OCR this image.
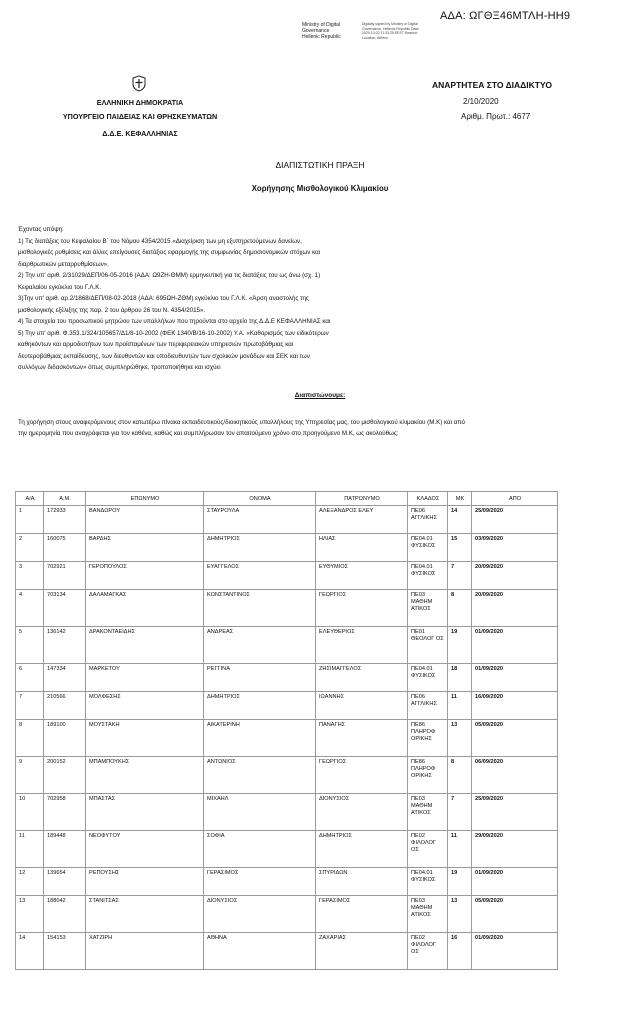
ΑΔΑ: ΩΓΘΞ46ΜΤΛΗ-ΗΗ9
Ministry of Digital
Governance
Hellenic Republic
Digitally signed by Ministry of Digital Governance, Hellenic Republic Date: 2020.10.02 11:33:25 EEST Reason: Location: Athens
ΕΛΛΗΝΙΚΗ ΔΗΜΟΚΡΑΤΙΑ
ΥΠΟΥΡΓΕΙΟ ΠΑΙΔΕΙΑΣ ΚΑΙ ΘΡΗΣΚΕΥΜΑΤΩΝ
Δ.Δ.Ε. ΚΕΦΑΛΛΗΝΙΑΣ
ΑΝΑΡΤΗΤΕΑ ΣΤΟ ΔΙΑΔΙΚΤΥΟ
2/10/2020
Αριθμ. Πρωτ.: 4677
ΔΙΑΠΙΣΤΩΤΙΚΗ ΠΡΑΞΗ
Χορήγησης Μισθολογικού Κλιμακίου

Έχοντας υπόψη:

1) Τις διατάξεις του Κεφαλαίου Β΄ του Νόμου 4354/2015 «Διαχείριση των μη εξυπηρετούμενων δανείων,

μισθολογικές ρυθμίσεις και άλλες επείγουσες διατάξεις εφαρμογής της συμφωνίας δημοσιονομικών στόχων και

διαρθρωτικών μεταρρυθμίσεων».

2) Την υπ' αριθ. 2/31029/ΔΕΠ/06-05-2016 (ΑΔΑ: Ω9ΖΗ-ΘΜΜ) ερμηνευτική για τις διατάξεις του ως άνω (σχ. 1)

Κεφαλαίου εγκύκλιο του Γ.Λ.Κ.

3)Την υπ' αριθ. αρ.2/1868/ΔΕΠ/08-02-2018 (ΑΔΑ: 695ΩΗ-ΖΘΜ) εγκύκλιο του Γ.Λ.Κ. «Άρση αναστολής της

μισθολογικής εξέλιξης της παρ. 2 του άρθρου 26 του Ν. 4354/2015».

4) Τα στοιχεία του προσωπικού μητρώου των υπαλλήλων που τηρούνται στο αρχείο της Δ.Δ.Ε ΚΕΦΑΛΛΗΝΙΑΣ και

5) Την υπ' αριθ. Φ.353.1/324/105657/Δ1/8-10-2002 (ΦΕΚ 1340/Β/16-10-2002) Υ.Α. «Καθορισμός των ειδικότερων

καθηκόντων και αρμοδιοτήτων των προϊσταμένων των περιφερειακών υπηρεσιών πρωτοβάθμιας και

δευτεροβάθμιας εκπαίδευσης, των διευθυντών και υποδιευθυντών των σχολικών μονάδων και ΣΕΚ και των

συλλόγων διδασκόντων» όπως συμπληρώθηκε, τροποποιήθηκε και ισχύει

Διαπιστώνουμε:
Τη χορήγηση στους αναφερόμενους στον κατωτέρω πίνακα εκπαιδευτικούς/διοικητικούς υπαλλήλους της Υπηρεσίας μας, του μισθολογικού κλιμακίου (Μ.Κ) και από την ημερομηνία που αναγράφεται για τον καθένα, καθώς και συμπλήρωσαν τον απαιτούμενο χρόνο στο προηγούμενο Μ.Κ, ως ακολούθως:
Α/Α	Α.Μ.	ΕΠΩΝΥΜΟ	ΟΝΟΜΑ	ΠΑΤΡΩΝΥΜΟ	ΚΛΑΔΟΣ	ΜΚ	ΑΠΟ
1	172933	ΒΑΝΔΩΡΟΥ	ΣΤΑΥΡΟΥΛΑ	ΑΛΕΞΑΝΔΡΟΣ ΕΛΕΥ	ΠΕ06 ΑΓΓΛΙΚΗΣ	14	25/09/2020
2	160075	ΒΑΡΔΗΣ	ΔΗΜΗΤΡΙΟΣ	ΗΛΙΑΣ	ΠΕ04.01 ΦΥΣΙΚΟΣ	15	03/09/2020
3	702921	ΓΕΡΟΠΟΥΛΟΣ	ΕΥΑΓΓΕΛΟΣ	ΕΥΘΥΜΙΟΣ	ΠΕ04.01 ΦΥΣΙΚΟΣ	7	20/09/2020
4	703134	ΔΑΛΑΜΑΓΚΑΣ	ΚΩΝΣΤΑΝΤΙΝΟΣ	ΓΕΩΡΓΙΟΣ	ΠΕ03 ΜΑΘΗΜ ΑΤΙΚΟΣ	8	20/09/2020
5	136142	ΔΡΑΚΟΝΤΑΕΙΔΗΣ	ΑΝΔΡΕΑΣ	ΕΛΕΥΘΕΡΙΟΣ	ΠΕ01 ΘΕΟΛΟΓ ΟΣ	19	01/09/2020
6	147334	ΜΑΡΚΕΤΟΥ	ΡΕΓΓΙΝΑ	ΖΗΣΙΜΑΓΓΕΛΟΣ	ΠΕ04.01 ΦΥΣΙΚΟΣ	18	01/09/2020
7	210566	ΜΟΛΦΕΣΗΣ	ΔΗΜΗΤΡΙΟΣ	ΙΩΑΝΝΗΣ	ΠΕ06 ΑΓΓΛΙΚΗΣ	11	16/09/2020
8	189100	ΜΟΥΣΤΑΚΗ	ΑΙΚΑΤΕΡΙΝΗ	ΠΑΝΑΓΗΣ	ΠΕ86 ΠΛΗΡΟΦ ΟΡΙΚΗΣ	13	05/09/2020
9	200152	ΜΠΑΜΠΟΥΚΗΣ	ΑΝΤΩΝΙΟΣ	ΓΕΩΡΓΙΟΣ	ΠΕ86 ΠΛΗΡΟΦ ΟΡΙΚΗΣ	8	06/09/2020
10	702958	ΜΠΑΣΤΑΣ	ΜΙΧΑΗΛ	ΔΙΟΝΥΣΙΟΣ	ΠΕ03 ΜΑΘΗΜ ΑΤΙΚΟΣ	7	25/09/2020
11	189448	ΝΕΟΦΥΤΟΥ	ΣΟΦΙΑ	ΔΗΜΗΤΡΙΟΣ	ΠΕ02 ΦΙΛΟΛΟΓ ΟΣ	11	29/09/2020
12	139654	ΡΕΠΟΥΣΗΣ	ΓΕΡΑΣΙΜΟΣ	ΣΠΥΡΙΔΩΝ	ΠΕ04.01 ΦΥΣΙΚΟΣ	19	01/09/2020
13	188042	ΣΤΑΝΙΤΣΑΣ	ΔΙΟΝΥΣΙΟΣ	ΓΕΡΑΣΙΜΟΣ	ΠΕ03 ΜΑΘΗΜ ΑΤΙΚΟΣ	13	05/09/2020
14	154153	ΧΑΤΖΙΡΗ	ΑΘΗΝΑ	ΖΑΧΑΡΙΑΣ	ΠΕ02 ΦΙΛΟΛΟΓ ΟΣ	16	01/09/2020
